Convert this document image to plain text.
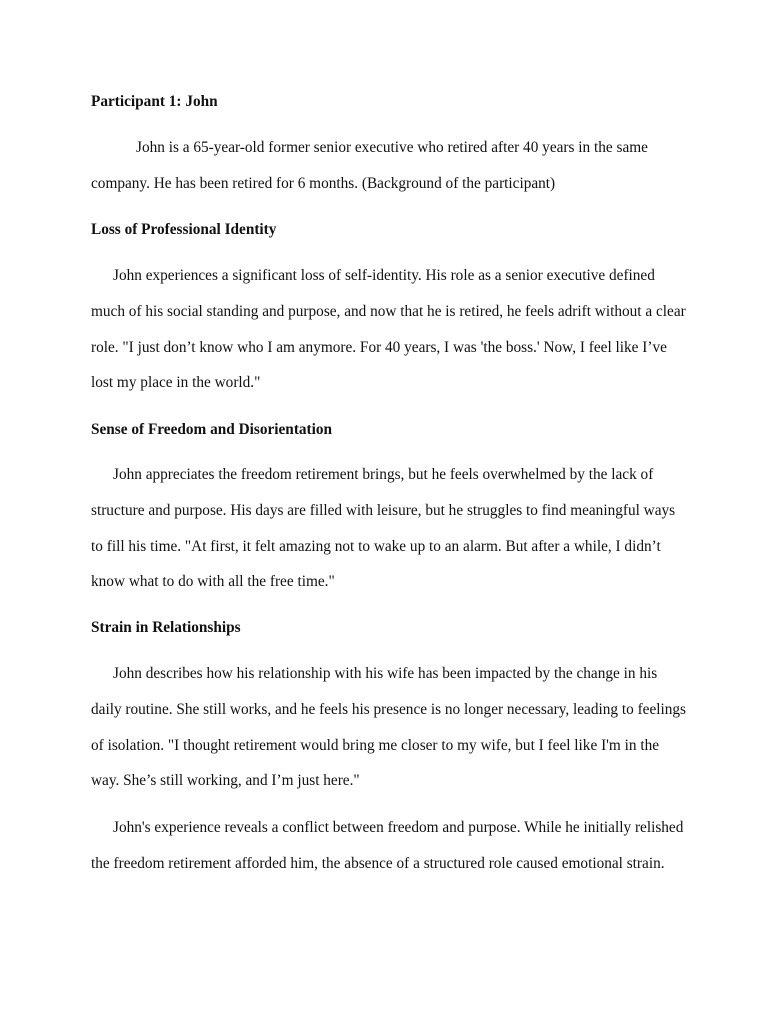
Participant 1: John

John is a 65-year-old former senior executive who retired after 40 years in the same company. He has been retired for 6 months. (Background of the participant)

Loss of Professional Identity

John experiences a significant loss of self-identity. His role as a senior executive defined much of his social standing and purpose, and now that he is retired, he feels adrift without a clear role. "I just don’t know who I am anymore. For 40 years, I was 'the boss.' Now, I feel like I’ve lost my place in the world."

Sense of Freedom and Disorientation

John appreciates the freedom retirement brings, but he feels overwhelmed by the lack of structure and purpose. His days are filled with leisure, but he struggles to find meaningful ways to fill his time. "At first, it felt amazing not to wake up to an alarm. But after a while, I didn’t know what to do with all the free time."

Strain in Relationships

John describes how his relationship with his wife has been impacted by the change in his daily routine. She still works, and he feels his presence is no longer necessary, leading to feelings of isolation. "I thought retirement would bring me closer to my wife, but I feel like I'm in the way. She’s still working, and I’m just here."

John's experience reveals a conflict between freedom and purpose. While he initially relished the freedom retirement afforded him, the absence of a structured role caused emotional strain.
